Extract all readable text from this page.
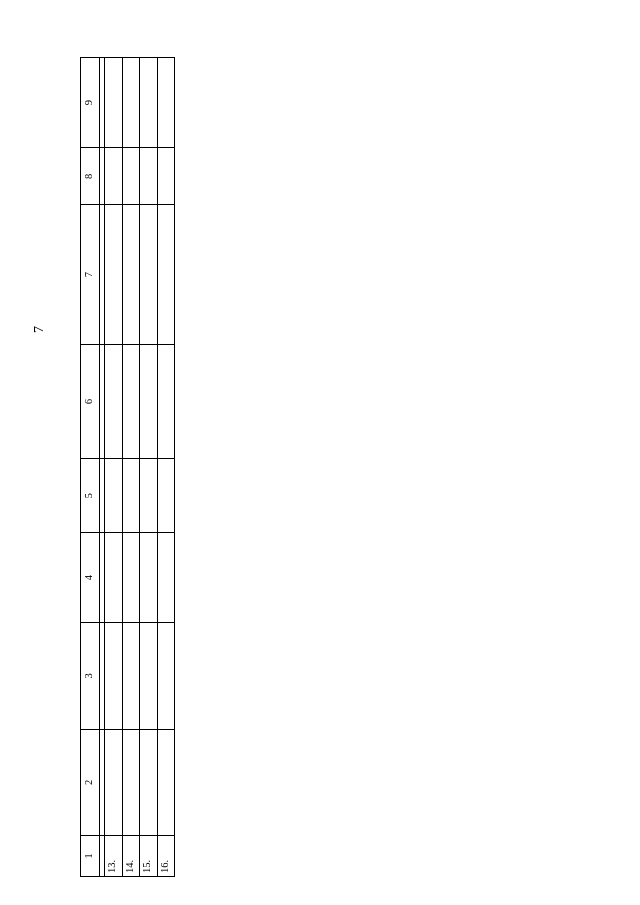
7
1	2	3	4	5	6	7	8	9

13.								
14.								
15.								
16.								
